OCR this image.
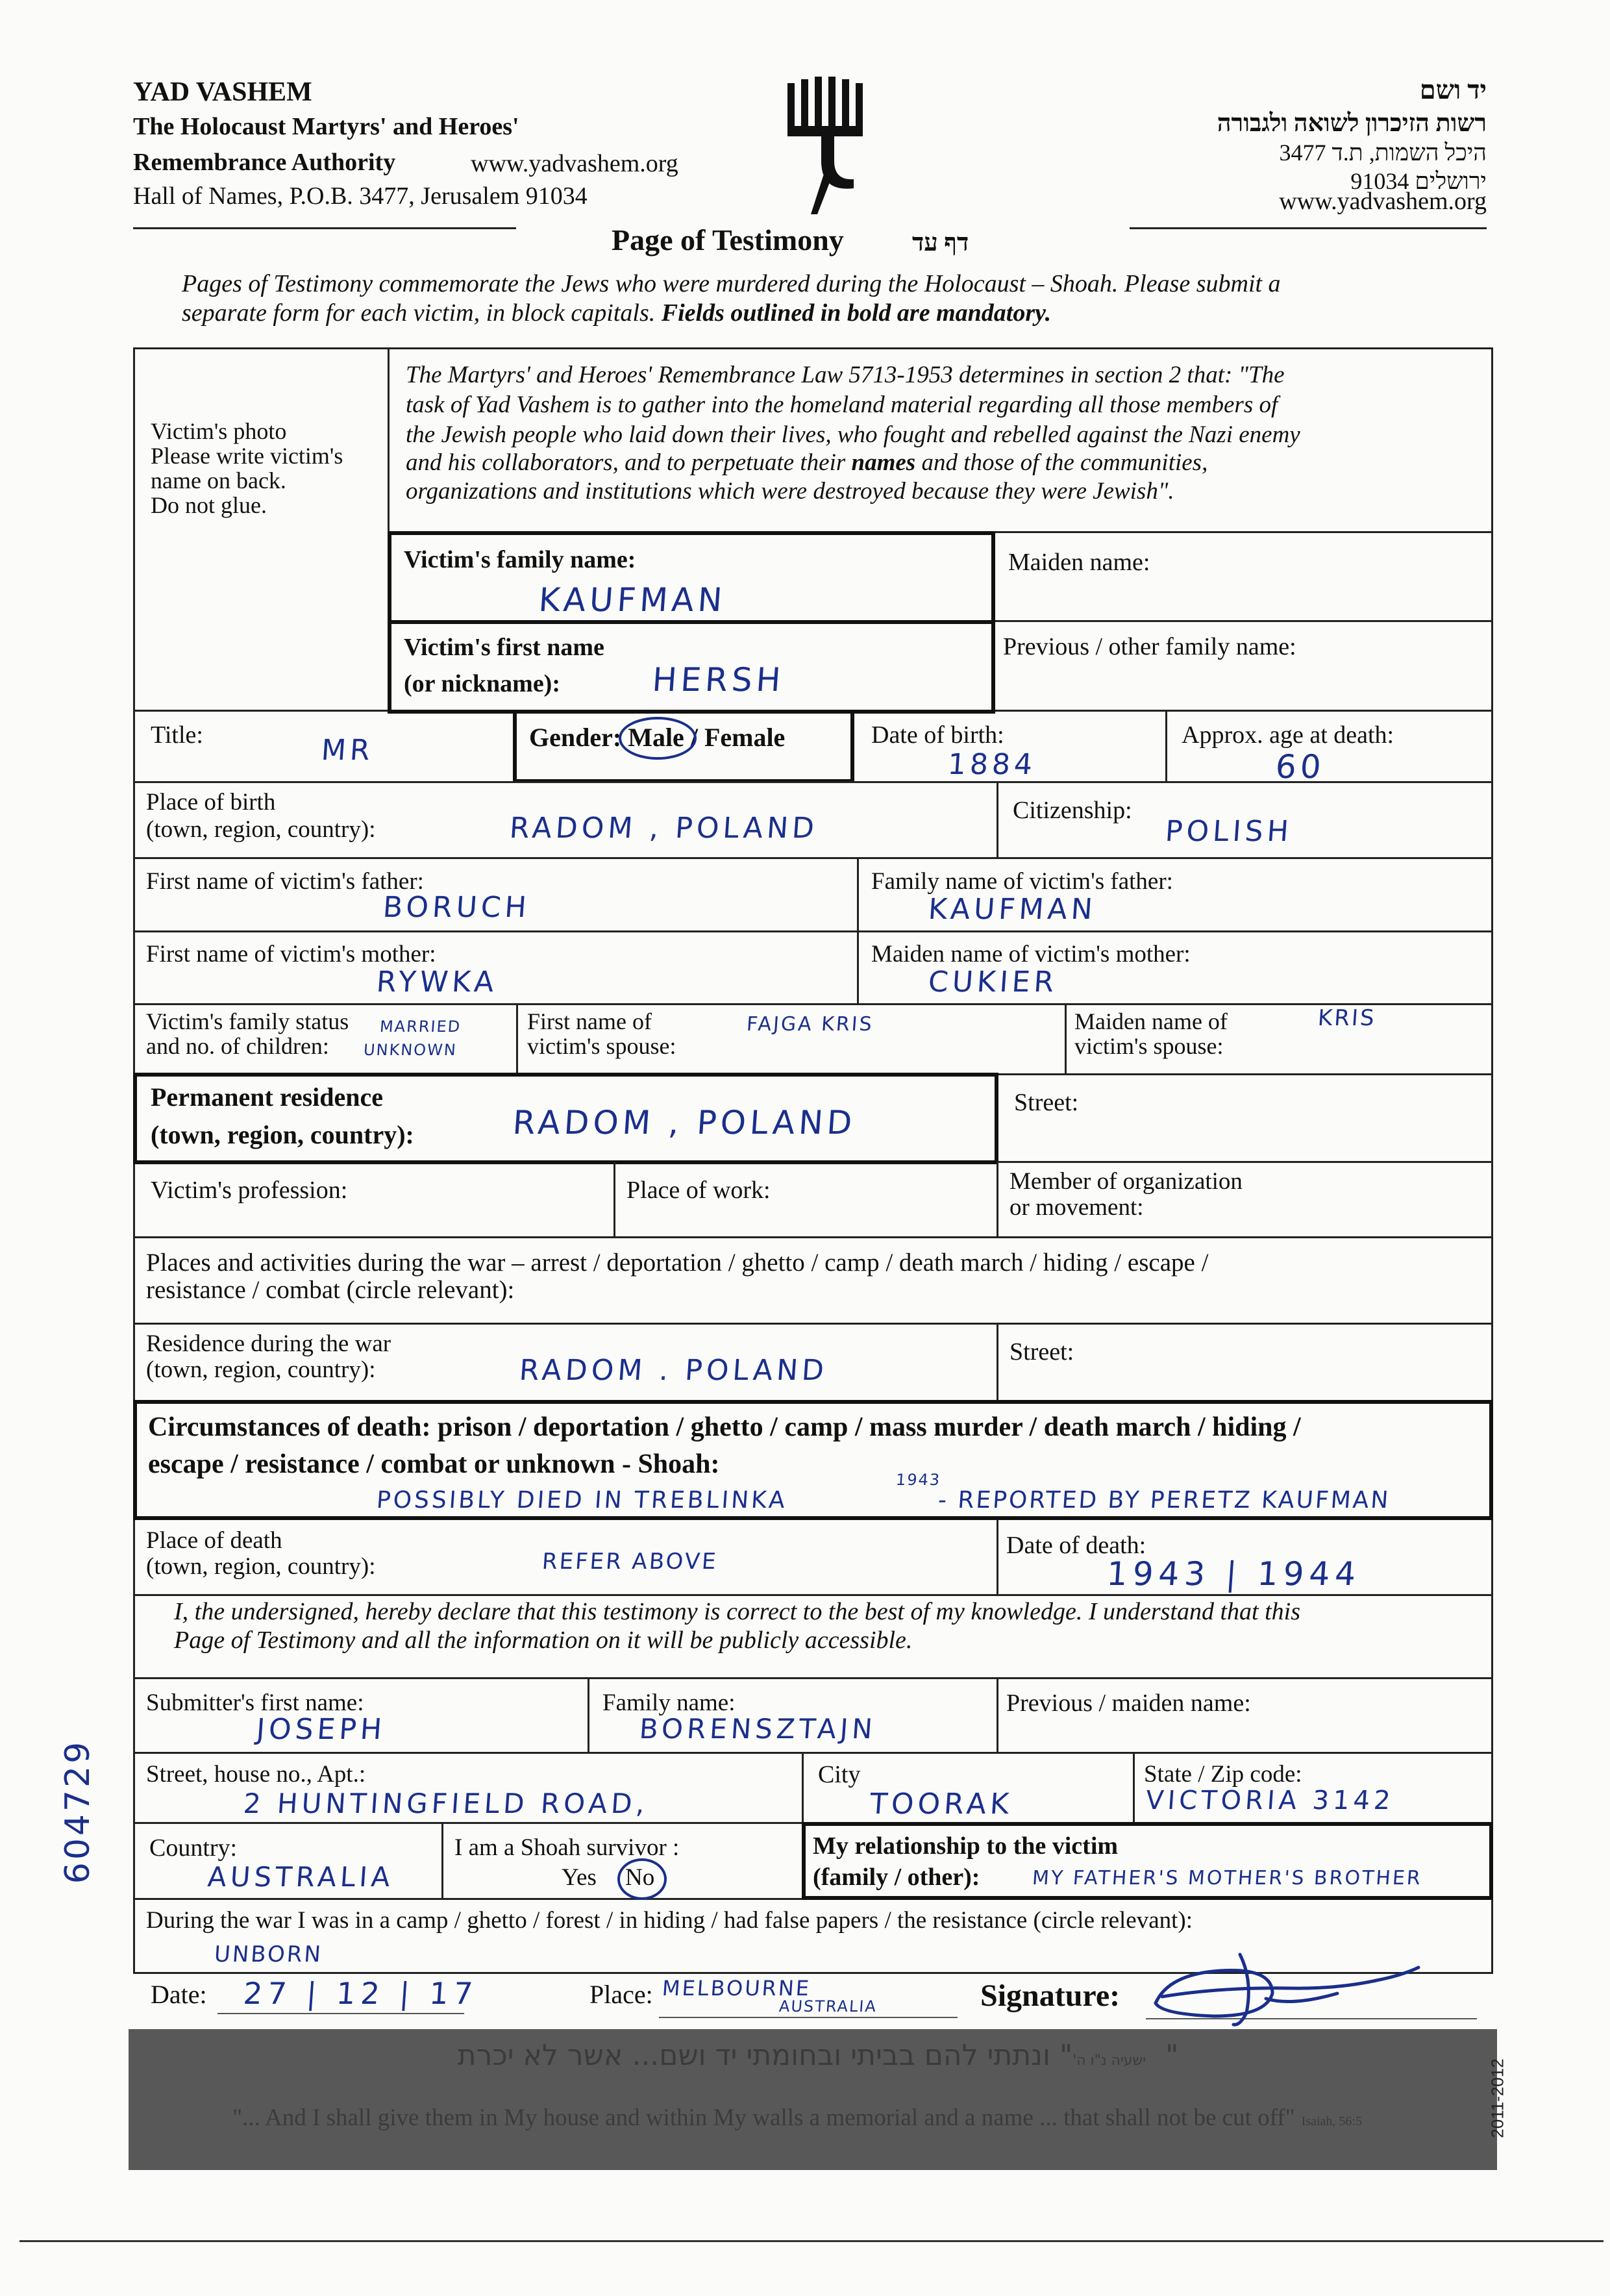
YAD VASHEM
The Holocaust Martyrs' and Heroes'
Remembrance Authority	www.yadvashem.org
Hall of Names, P.O.B. 3477, Jerusalem 91034
יד ושם
רשות הזיכרון לשואה ולגבורה
היכל השמות, ת.ד 3477
ירושלים 91034
www.yadvashem.org
Page of Testimony	דף עד
Pages of Testimony commemorate the Jews who were murdered during the Holocaust – Shoah. Please submit a
separate form for each victim, in block capitals. Fields outlined in bold are mandatory.
604729
Victim's photo
Please write victim's
name on back.
Do not glue.
The Martyrs' and Heroes' Remembrance Law 5713-1953 determines in section 2 that: "The
task of Yad Vashem is to gather into the homeland material regarding all those members of
the Jewish people who laid down their lives, who fought and rebelled against the Nazi enemy
and his collaborators, and to perpetuate their names and those of the communities,
organizations and institutions which were destroyed because they were Jewish".
Victim's family name:
KAUFMAN
Maiden name:
Victim's first name
(or nickname):	HERSH
Previous / other family name:
Title:	MR	Gender: Male
/ Female	Date of birth:
1884
Approx. age at death:
60
Place of birth
(town, region, country):	RADOM , POLAND
Citizenship:
POLISH
First name of victim's father:
BORUCH
Family name of victim's father:
KAUFMAN
First name of victim's mother:
RYWKA
Maiden name of victim's mother:
CUKIER
Victim's family status
and no. of children:
MARRIED
UNKNOWN
First name of
victim's spouse:
FAJGA KRIS	Maiden name of
victim's spouse:
KRIS
Permanent residence
(town, region, country):	RADOM , POLAND
Street:
Victim's profession:	Place of work:	Member of organization
or movement:
Places and activities during the war – arrest / deportation / ghetto / camp / death march / hiding / escape /
resistance / combat (circle relevant):
Residence during the war
(town, region, country):	RADOM . POLAND
Street:
Circumstances of death: prison / deportation / ghetto / camp / mass murder / death march / hiding /
escape / resistance / combat or unknown - Shoah:
POSSIBLY DIED IN TREBLINKA
1943
- REPORTED BY PERETZ KAUFMAN
Place of death
(town, region, country):	REFER ABOVE
Date of death:
1943 | 1944
I, the undersigned, hereby declare that this testimony is correct to the best of my knowledge. I understand that this
Page of Testimony and all the information on it will be publicly accessible.
Submitter's first name:
JOSEPH
Family name:
BORENSZTAJN
Previous / maiden name:
Street, house no., Apt.:
2 HUNTINGFIELD ROAD,
City
TOORAK
State / Zip code:
VICTORIA 3142
Country:
AUSTRALIA
I am a Shoah survivor :
Yes No
My relationship to the victim
(family / other):	MY FATHER'S MOTHER'S BROTHER
During the war I was in a camp / ghetto / forest / in hiding / had false papers / the resistance (circle relevant):
UNBORN
Date: 27 | 12 | 17	Place: MELBOURNE
AUSTRALIA	Signature:
ישעיה נ"ו ה'" ונתתי להם בביתי ובחומתי יד ושם... אשר לא יכרת "
"... And I shall give them in My house and within My walls a memorial and a name ... that shall not be cut off" Isaiah, 56:5	2011-2012
